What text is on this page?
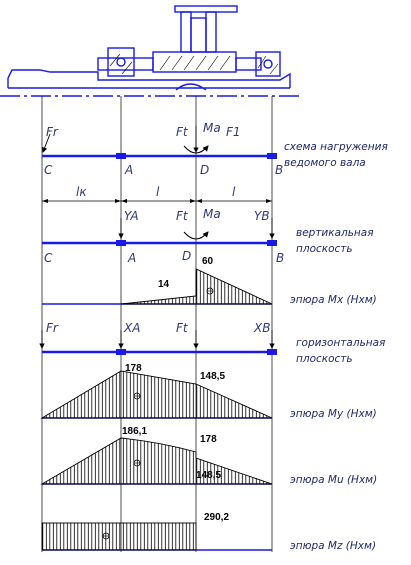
Fr	Ft Ma F1
C	A	D	B
схема нагружения
ведомого вала
lк	l	l
YA	Ft Ma	YB
C	A	D	B
вертикальная
плоскость
14
60
эпюра Mx (Нхм)
Fr	XA	Ft	XB
горизонтальная
плоскость
178
148,5
эпюра My (Нхм)
186,1
178
148,5	эпюра Mu (Нхм)
290,2
эпюра Mz (Нхм)
